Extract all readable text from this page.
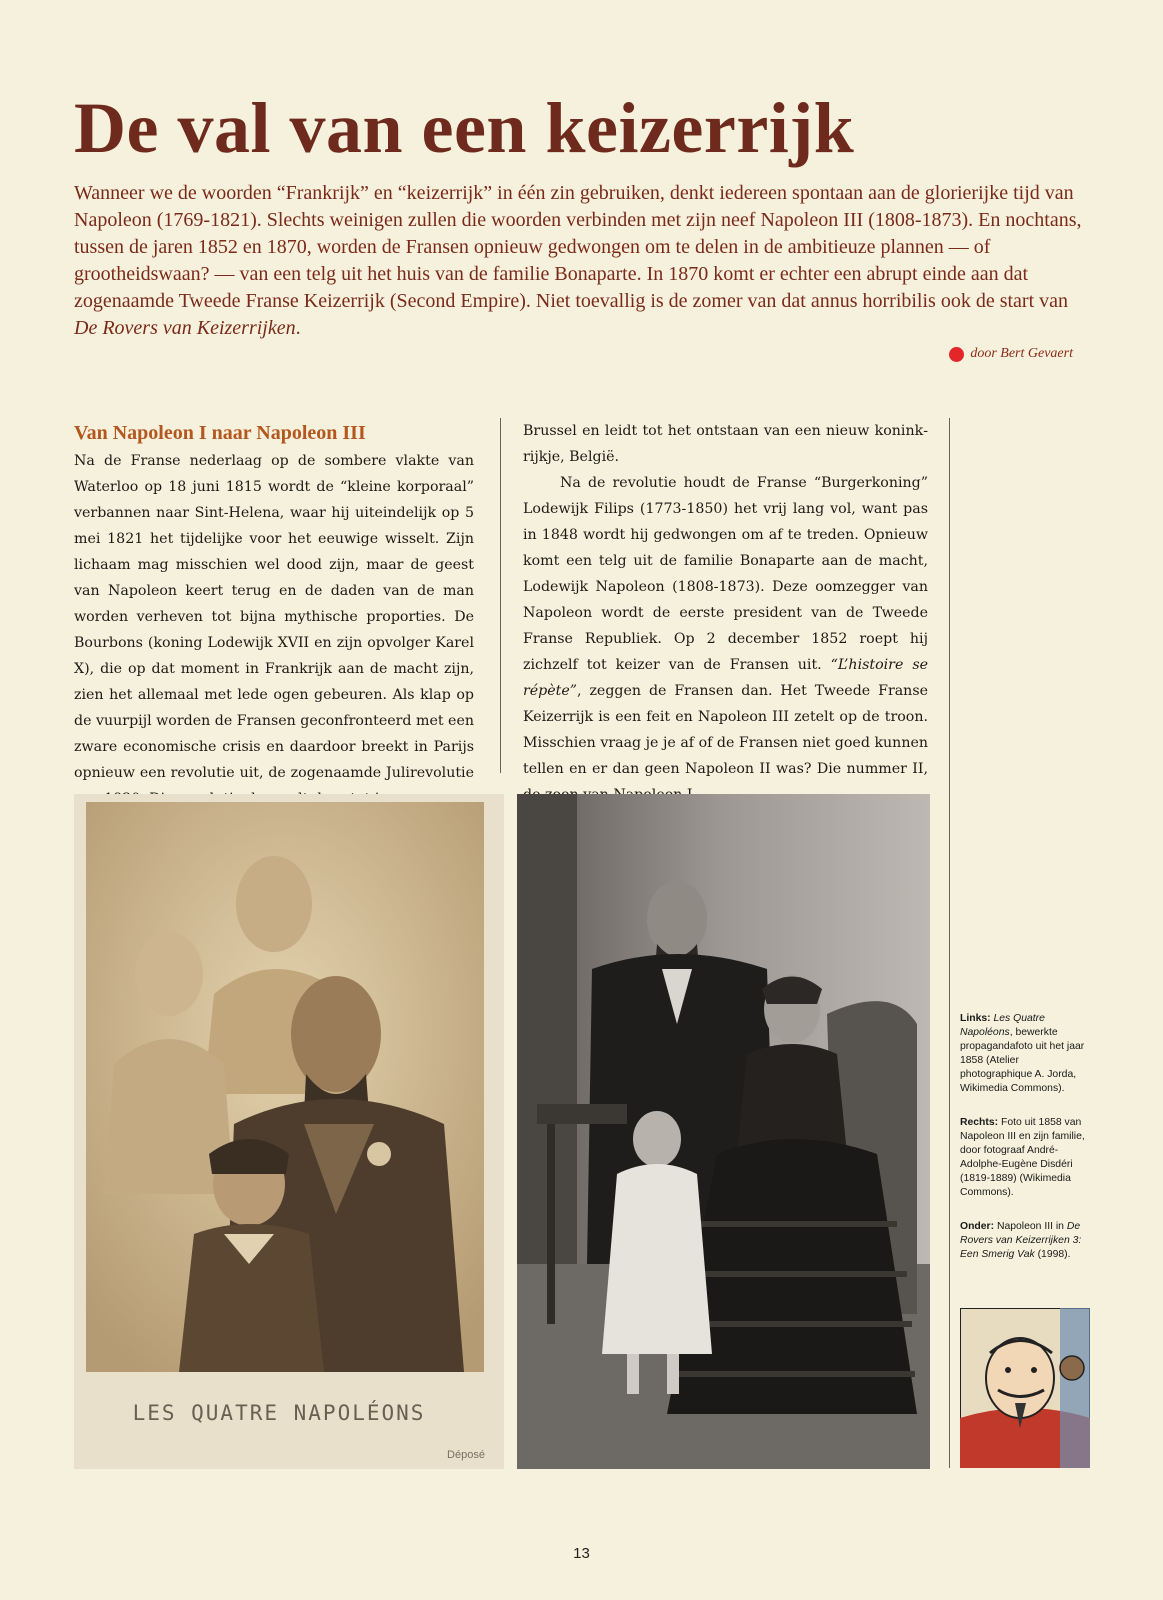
De val van een keizerrijk

Wanneer we de woorden “Frankrijk” en “keizerrijk” in één zin gebruiken, denkt iedereen spontaan aan de glorierijke tijd van Napoleon (1769-1821). Slechts weinigen zullen die woorden verbinden met zijn neef Napoleon III (1808-1873). En nochtans, tussen de jaren 1852 en 1870, worden de Fransen opnieuw gedwongen om te delen in de ambitieuze plannen — of grootheidswaan? — van een telg uit het huis van de familie Bonaparte. In 1870 komt er echter een abrupt einde aan dat zogenaamde Tweede Franse Keizerrijk (Second Empire). Niet toevallig is de zomer van dat annus horribilis ook de start van De Rovers van Keizerrijken.

door Bert Gevaert
Van Napoleon I naar Napoleon III

Na de Franse nederlaag op de sombere vlakte van Waterloo op 18 juni 1815 wordt de “kleine korporaal” verbannen naar Sint-Helena, waar hij uiteindelijk op 5 mei 1821 het tijdelijke voor het eeuwige wisselt. Zijn lichaam mag misschien wel dood zijn, maar de geest van Napoleon keert terug en de daden van de man worden verheven tot bijna mythische proporties. De Bourbons (koning Lodewijk XVII en zijn opvolger Karel X), die op dat moment in Frankrijk aan de macht zijn, zien het allemaal met lede ogen gebeuren. Als klap op de vuurpijl worden de Fransen geconfronteerd met een zware economische crisis en daardoor breekt in Parijs opnieuw een revolutie uit, de zogenaamde Julirevolutie

Brussel en leidt tot het ontstaan van een nieuw koninkrijkje, België.

Na de revolutie houdt de Franse “Burgerkoning” Lodewijk Filips (1773-1850) het vrij lang vol, want pas in 1848 wordt hij gedwongen om af te treden. Opnieuw komt een telg uit de familie Bonaparte aan de macht, Lodewijk Napoleon (1808-1873). Deze oomzegger van Napoleon wordt de eerste president van de Tweede Franse Republiek. Op 2 december 1852 roept hij zichzelf tot keizer van de Fransen uit. “L’histoire se répète”, zeggen de Fransen dan. Het Tweede Franse Keizerrijk is een feit en Napoleon III zetelt op de troon. Misschien vraag je je af of de Fransen niet goed kunnen tellen en er dan geen Napoleon II was? Die nummer II,

LES QUATRE NAPOLÉONS
Déposé

Links: Les Quatre Napoléons, bewerkte propagandafoto uit het jaar 1858 (Atelier photographique A. Jorda, Wikimedia Commons).

Rechts: Foto uit 1858 van Napoleon III en zijn familie, door fotograaf André-Adolphe-Eugène Disdéri (1819-1889) (Wikimedia Commons).

Onder: Napoleon III in De Rovers van Keizerrijken 3: Een Smerig Vak (1998).

13
